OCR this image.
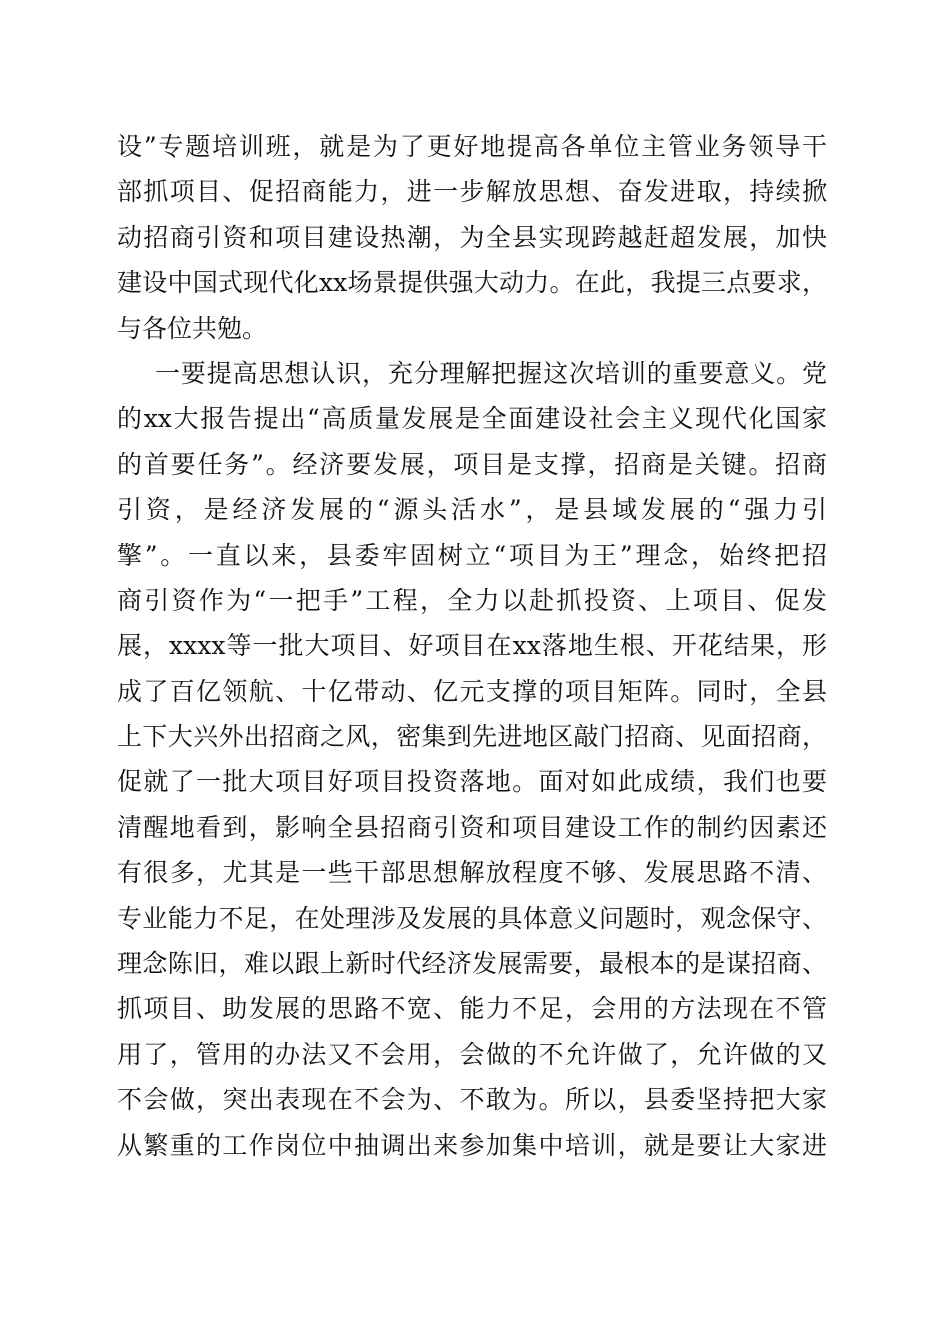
设”专题培训班，就是为了更好地提高各单位主管业务领导干
部抓项目、促招商能力，进一步解放思想、奋发进取，持续掀
动招商引资和项目建设热潮，为全县实现跨越赶超发展，加快
建设中国式现代化xx场景提供强大动力。在此，我提三点要求，
与各位共勉。
一要提高思想认识，充分理解把握这次培训的重要意义。党
的xx大报告提出“高质量发展是全面建设社会主义现代化国家
的首要任务”。经济要发展，项目是支撑，招商是关键。招商
引资，是经济发展的“源头活水”，是县域发展的“强力引
擎”。一直以来，县委牢固树立“项目为王”理念，始终把招
商引资作为“一把手”工程，全力以赴抓投资、上项目、促发
展，xxxx等一批大项目、好项目在xx落地生根、开花结果，形
成了百亿领航、十亿带动、亿元支撑的项目矩阵。同时，全县
上下大兴外出招商之风，密集到先进地区敲门招商、见面招商，
促就了一批大项目好项目投资落地。面对如此成绩，我们也要
清醒地看到，影响全县招商引资和项目建设工作的制约因素还
有很多，尤其是一些干部思想解放程度不够、发展思路不清、
专业能力不足，在处理涉及发展的具体意义问题时，观念保守、
理念陈旧，难以跟上新时代经济发展需要，最根本的是谋招商、
抓项目、助发展的思路不宽、能力不足，会用的方法现在不管
用了，管用的办法又不会用，会做的不允许做了，允许做的又
不会做，突出表现在不会为、不敢为。所以，县委坚持把大家
从繁重的工作岗位中抽调出来参加集中培训，就是要让大家进
